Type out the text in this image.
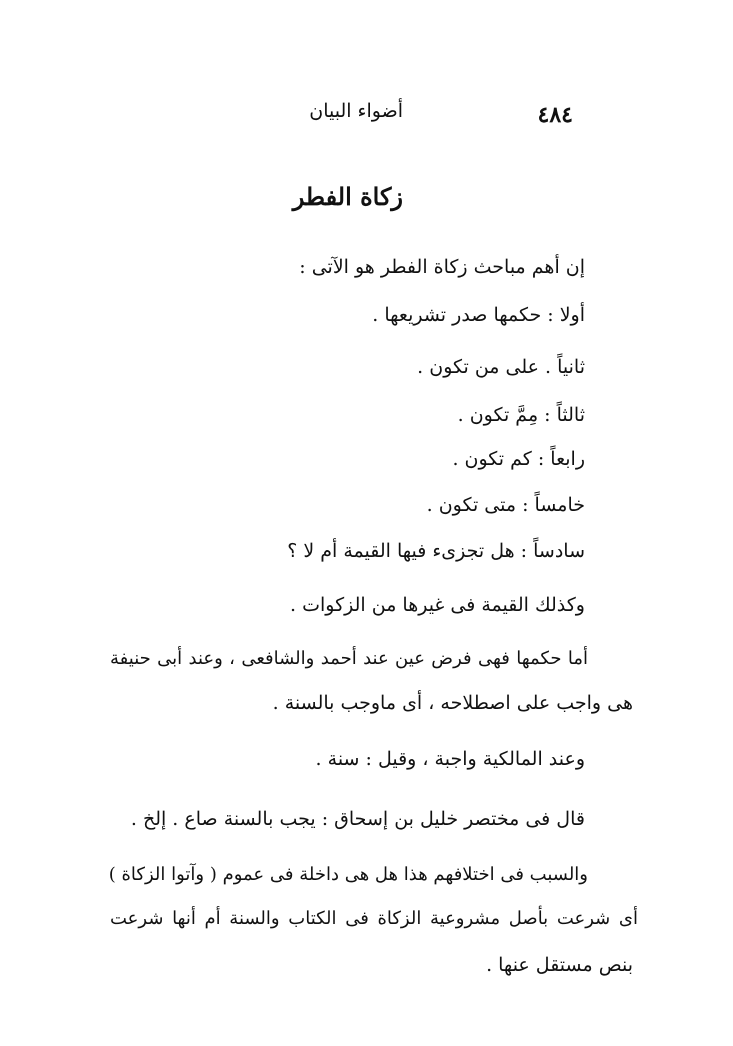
٤٨٤
أضواء البيان
زكاة الفطر
إن أهم مباحث زكاة الفطر هو الآتى :
أولا : حكمها صدر تشريعها .
ثانياً . على من تكون .
ثالثاً : مِمَّ تكون .
رابعاً : كم تكون .
خامساً : متى تكون .
سادساً : هل تجزىء فيها القيمة أم لا ؟
وكذلك القيمة فى غيرها من الزكوات .
أما حكمها فهى فرض عين عند أحمد والشافعى ، وعند أبى حنيفة
هى واجب على اصطلاحه ، أى ماوجب بالسنة .
وعند المالكية واجبة ، وقيل : سنة .
قال فى مختصر خليل بن إسحاق : يجب بالسنة صاع . إلخ .
والسبب فى اختلافهم هذا هل هى داخلة فى عموم ( وآتوا الزكاة )
أى شرعت بأصل مشروعية الزكاة فى الكتاب والسنة أم أنها شرعت
بنص مستقل عنها .
